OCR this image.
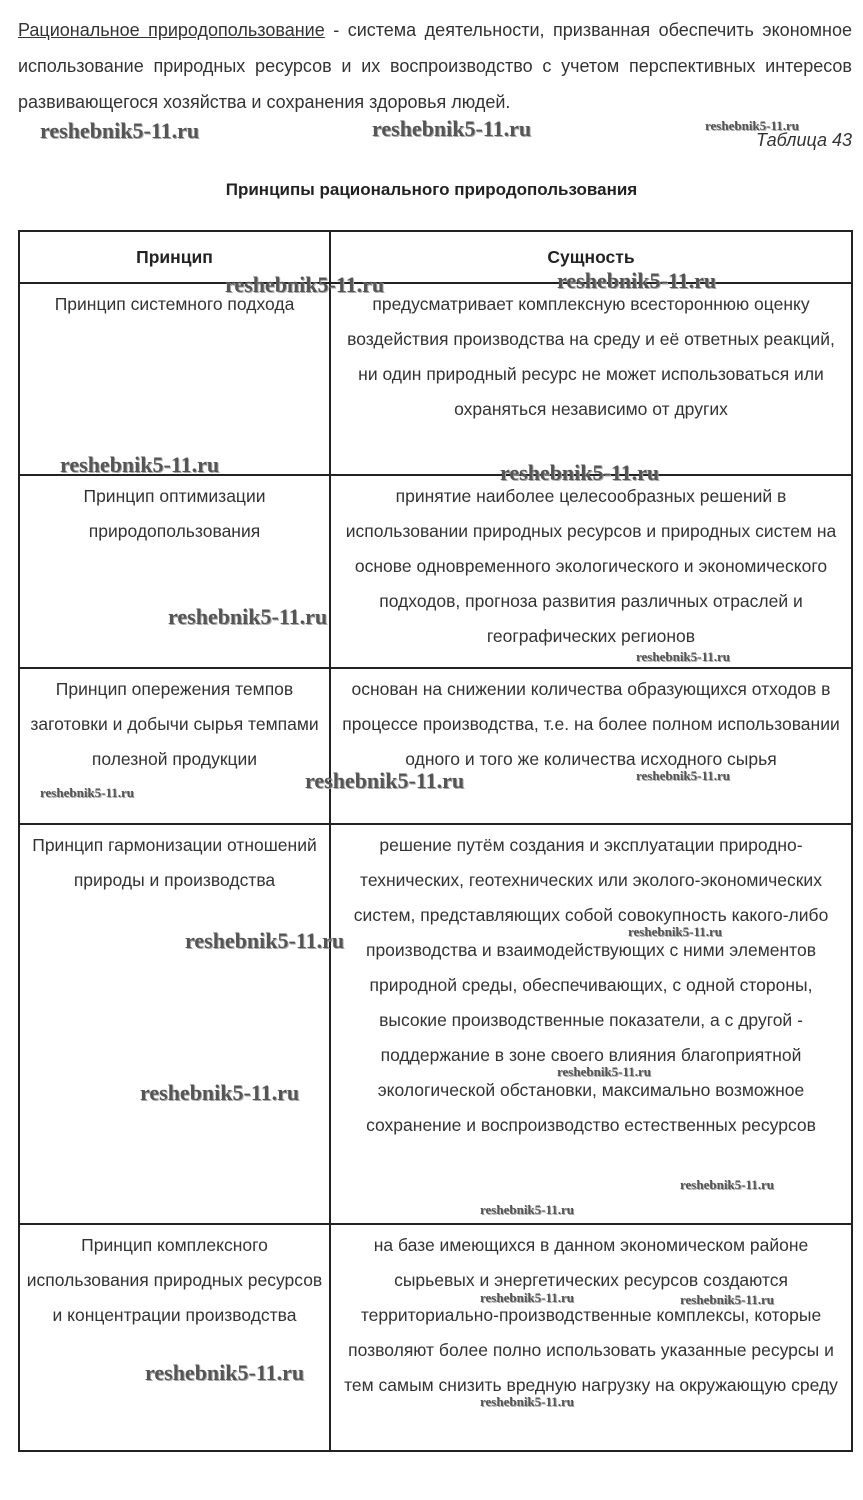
Рациональное природопользование - система деятельности, призванная обеспечить экономное использование природных ресурсов и их воспроизводство с учетом перспективных интересов развивающегося хозяйства и сохранения здоровья людей.

Таблица 43
Принципы рационального природопользования
Принцип	Сущность
Принцип системного подхода	предусматривает комплексную всестороннюю оценку воздействия производства на среду и её ответных реакций, ни один природный ресурс не может использоваться или охраняться независимо от других
Принцип оптимизации природопользования	принятие наиболее целесообразных решений в использовании природных ресурсов и природных систем на основе одновременного экологического и экономического подходов, прогноза развития различных отраслей и географических регионов
Принцип опережения темпов заготовки и добычи сырья темпами полезной продукции	основан на снижении количества образующихся отходов в процессе производства, т.е. на более полном использовании одного и того же количества исходного сырья
Принцип гармонизации отношений природы и производства	решение путём создания и эксплуатации природно-технических, геотехнических или эколого-экономических систем, представляющих собой совокупность какого-либо производства и взаимодействующих с ними элементов природной среды, обеспечивающих, с одной стороны, высокие производственные показатели, а с другой - поддержание в зоне своего влияния благоприятной экологической обстановки, максимально возможное сохранение и воспроизводство естественных ресурсов
Принцип комплексного использования природных ресурсов и концентрации производства	на базе имеющихся в данном экономическом районе сырьевых и энергетических ресурсов создаются территориально-производственные комплексы, которые позволяют более полно использовать указанные ресурсы и тем самым снизить вредную нагрузку на окружающую среду
reshebnik5-11.ru	reshebnik5-11.ru	reshebnik5-11.ru
reshebnik5-11.ru	reshebnik5-11.ru
reshebnik5-11.ru	reshebnik5-11.ru
reshebnik5-11.ru
reshebnik5-11.ru
reshebnik5-11.ru	reshebnik5-11.ru	reshebnik5-11.ru
reshebnik5-11.ru	reshebnik5-11.ru
reshebnik5-11.ru
reshebnik5-11.ru
reshebnik5-11.ru
reshebnik5-11.ru
reshebnik5-11.ru	reshebnik5-11.ru
reshebnik5-11.ru
reshebnik5-11.ru
